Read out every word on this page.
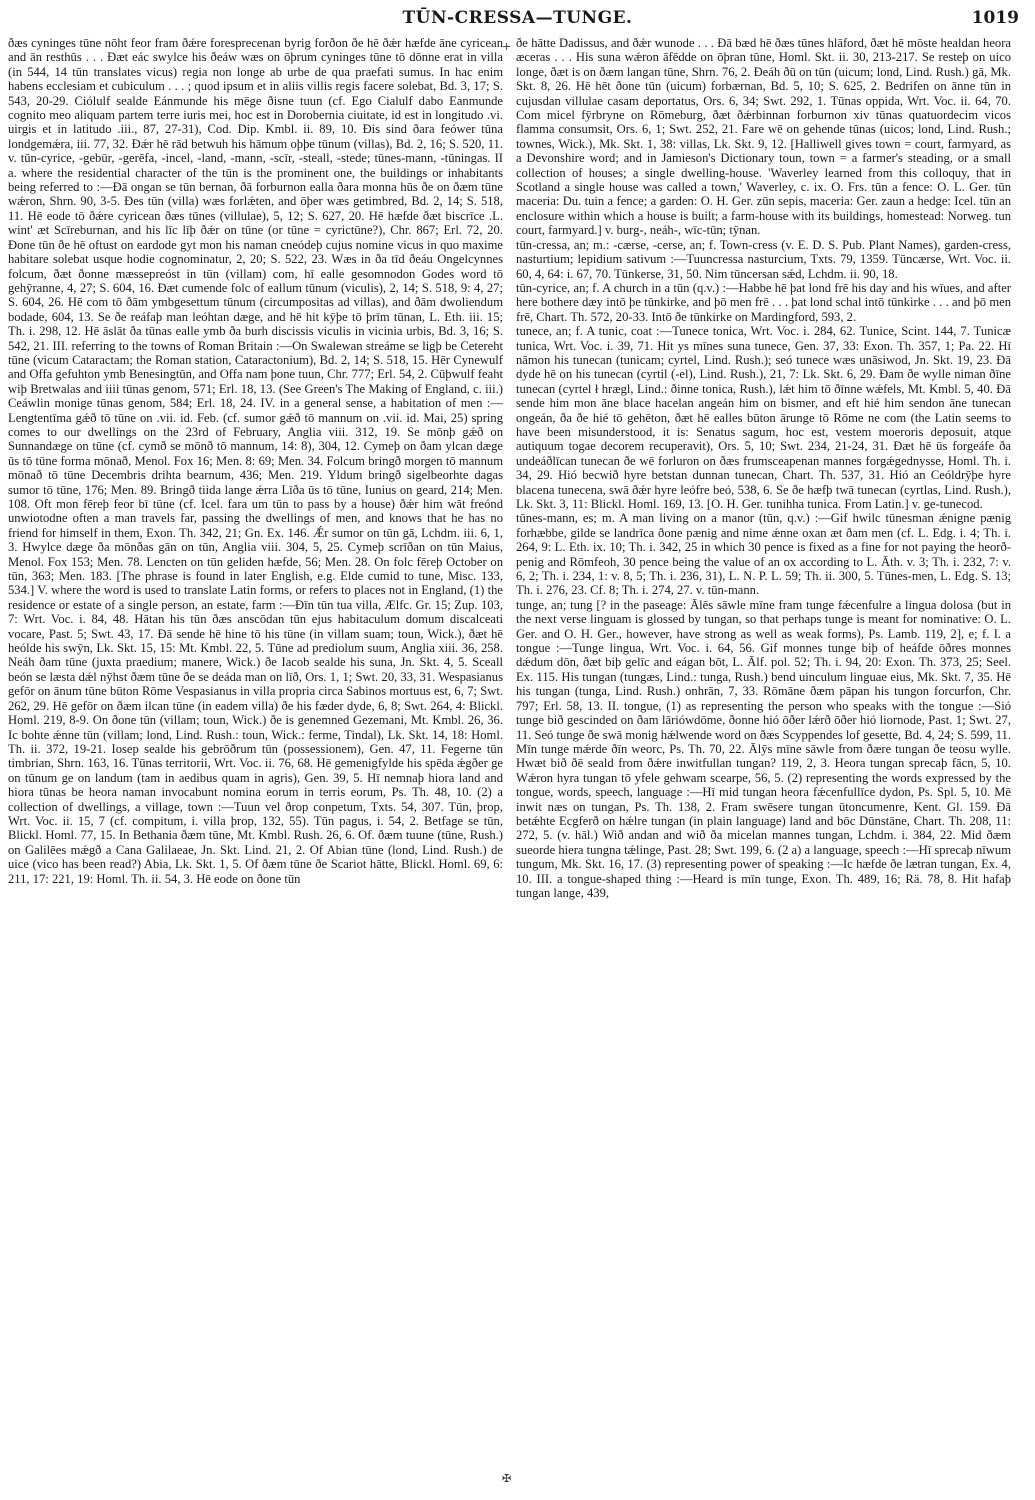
TŪN-CRESSA—TUNGE.	1019
+
✠

ðæs cyninges tūne nōht feor fram ðǽre foresprecenan byrig forðon ðe hē ðǽr hæfde āne cyricean and ān resthūs . . . Ðæt eác swylce his ðeáw wæs on ōþrum cyninges tūne tō dōnne erat in villa (in 544, 14 tūn translates vicus) regia non longe ab urbe de qua praefati sumus. In hac enim habens ecclesiam et cubiculum . . . ; quod ipsum et in aliis villis regis facere solebat, Bd. 3, 17; S. 543, 20-29. Ciólulf sealde Eánmunde his mēge ðisne tuun (cf. Ego Cialulf dabo Eanmunde cognito meo aliquam partem terre iuris mei, hoc est in Dorobernia ciuitate, id est in longitudo .vi. uirgis et in latitudo .iii., 87, 27-31), Cod. Dip. Kmbl. ii. 89, 10. Ðis sind ðara feówer tūna londgemǽra, iii. 77, 32. Ðǽr hē rād betwuh his hāmum oþþe tūnum (villas), Bd. 2, 16; S. 520, 11. v. tūn-cyrice, -gebūr, -gerēfa, -incel, -land, -mann, -scīr, -steall, -stede; tūnes-mann, -tūningas. II a. where the residential character of the tūn is the prominent one, the buildings or inhabitants being referred to :—Ðā ongan se tūn bernan, ðā forburnon ealla ðara monna hūs ðe on ðæm tūne wǽron, Shrn. 90, 3-5. Ðes tūn (villa) wæs forlǽten, and ōþer wæs getimbred, Bd. 2, 14; S. 518, 11. Hē eode tō ðǽre cyricean ðæs tūnes (villulae), 5, 12; S. 627, 20. Hē hæfde ðæt biscrīce .L. wint' æt Scīreburnan, and his līc līþ ðǽr on tūne (or tūne = cyrictūne?), Chr. 867; Erl. 72, 20. Ðone tūn ðe hē oftust on eardode gyt mon his naman cneódeþ cujus nomine vicus in quo maxime habitare solebat usque hodie cognominatur, 2, 20; S. 522, 23. Wæs in ða tīd ðeáu Ongelcynnes folcum, ðæt ðonne mæssepreóst in tūn (villam) com, hī ealle gesomnodon Godes word tō gehӯranne, 4, 27; S. 604, 16. Ðæt cumende folc of eallum tūnum (viculis), 2, 14; S. 518, 9: 4, 27; S. 604, 26. Hē com tō ðām ymbgesettum tūnum (circumpositas ad villas), and ðām dwoliendum bodade, 604, 13. Se ðe reáfaþ man leóhtan dæge, and hē hit kӯþe tō þrīm tūnan, L. Eth. iii. 15; Th. i. 298, 12. Hē āslāt ða tūnas ealle ymb ða burh discissis viculis in vicinia urbis, Bd. 3, 16; S. 542, 21. III. referring to the towns of Roman Britain :—On Swalewan streáme se ligþ be Cetereht tūne (vicum Cataractam; the Roman station, Cataractonium), Bd. 2, 14; S. 518, 15. Hēr Cynewulf and Offa gefuhton ymb Benesingtūn, and Offa nam þone tuun, Chr. 777; Erl. 54, 2. Cūþwulf feaht wiþ Bretwalas and iiii tūnas genom, 571; Erl. 18, 13. (See Green's The Making of England, c. iii.) Ceáwlin monige tūnas genom, 584; Erl. 18, 24. IV. in a general sense, a habitation of men :—Lengtentīma gǽð tō tūne on .vii. id. Feb. (cf. sumor gǽð tō mannum on .vii. id. Mai, 25) spring comes to our dwellings on the 23rd of February, Anglia viii. 312, 19. Se mōnþ gǽð on Sunnandæge on tūne (cf. cymð se mōnð tō mannum, 14: 8), 304, 12. Cymeþ on ðam ylcan dæge ūs tō tūne forma mōnað, Menol. Fox 16; Men. 8: 69; Men. 34. Folcum bringð morgen tō mannum mōnað tō tūne Decembris drihta bearnum, 436; Men. 219. Yldum bringð sigelbeorhte dagas sumor tō tūne, 176; Men. 89. Bringð tiida lange ǽrra Līða ūs tō tūne, Iunius on geard, 214; Men. 108. Oft mon fēreþ feor bī tūne (cf. Icel. fara um tūn to pass by a house) ðǽr him wāt freónd unwiotodne often a man travels far, passing the dwellings of men, and knows that he has no friend for himself in them, Exon. Th. 342, 21; Gn. Ex. 146. Ǽr sumor on tūn gā, Lchdm. iii. 6, 1, 3. Hwylce dæge ða mōnðas gān on tūn, Anglia viii. 304, 5, 25. Cymeþ scrīðan on tūn Maius, Menol. Fox 153; Men. 78. Lencten on tūn geliden hæfde, 56; Men. 28. On folc fēreþ October on tūn, 363; Men. 183. [The phrase is found in later English, e.g. Elde cumid to tune, Misc. 133, 534.] V. where the word is used to translate Latin forms, or refers to places not in England, (1) the residence or estate of a single person, an estate, farm :—Ðīn tūn tua villa, Ælfc. Gr. 15; Zup. 103, 7: Wrt. Voc. i. 84, 48. Hātan his tūn ðæs anscōdan tūn ejus habitaculum domum discalceati vocare, Past. 5; Swt. 43, 17. Ðā sende hē hine tō his tūne (in villam suam; toun, Wick.), ðæt hē heólde his swӯn, Lk. Skt. 15, 15: Mt. Kmbl. 22, 5. Tūne ad prediolum suum, Anglia xiii. 36, 258. Neáh ðam tūne (juxta praedium; manere, Wick.) ðe Iacob sealde his suna, Jn. Skt. 4, 5. Sceall beón se læsta dǽl nӯhst ðæm tūne ðe se deáda man on līð, Ors. 1, 1; Swt. 20, 33, 31. Wespasianus gefōr on ānum tūne būton Rōme Vespasianus in villa propria circa Sabinos mortuus est, 6, 7; Swt. 262, 29. Hē gefōr on ðæm ilcan tūne (in eadem villa) ðe his fæder dyde, 6, 8; Swt. 264, 4: Blickl. Homl. 219, 8-9. On ðone tūn (villam; toun, Wick.) ðe is genemned Gezemani, Mt. Kmbl. 26, 36. Ic bohte ǽnne tūn (villam; lond, Lind. Rush.: toun, Wick.: ferme, Tindal), Lk. Skt. 14, 18: Homl. Th. ii. 372, 19-21. Iosep sealde his gebrōðrum tūn (possessionem), Gen. 47, 11. Fegerne tūn timbrian, Shrn. 163, 16. Tūnas territorii, Wrt. Voc. ii. 76, 68. Hē gemenigfylde his spēda ǽgðer ge on tūnum ge on landum (tam in aedibus quam in agris), Gen. 39, 5. Hī nemnaþ hiora land and hiora tūnas be heora naman invocabunt nomina eorum in terris eorum, Ps. Th. 48, 10. (2) a collection of dwellings, a village, town :—Tuun vel ðrop conpetum, Txts. 54, 307. Tūn, þrop, Wrt. Voc. ii. 15, 7 (cf. compitum, i. villa þrop, 132, 55). Tūn pagus, i. 54, 2. Betfage se tūn, Blickl. Homl. 77, 15. In Bethania ðæm tūne, Mt. Kmbl. Rush. 26, 6. Of. ðæm tuune (tūne, Rush.) on Galilēes mǽgð a Cana Galilaeae, Jn. Skt. Lind. 21, 2. Of Abian tūne (lond, Lind. Rush.) de uice (vico has been read?) Abia, Lk. Skt. 1, 5. Of ðæm tūne ðe Scariot hātte, Blickl. Homl. 69, 6: 211, 17: 221, 19: Homl. Th. ii. 54, 3. Hē eode on ðone tūn

ðe hātte Dadissus, and ðǽr wunode . . . Ðā bæd hē ðæs tūnes hlāford, ðæt hē mōste healdan heora æceras . . . His suna wǽron āfēdde on ōþran tūne, Homl. Skt. ii. 30, 213-217. Se resteþ on uico longe, ðæt is on ðæm langan tūne, Shrn. 76, 2. Ðeáh ðū on tūn (uicum; lond, Lind. Rush.) gā, Mk. Skt. 8, 26. Hē hēt ðone tūn (uicum) forbærnan, Bd. 5, 10; S. 625, 2. Bedrifen on ānne tūn in cujusdan villulae casam deportatus, Ors. 6, 34; Swt. 292, 1. Tūnas oppida, Wrt. Voc. ii. 64, 70. Com micel fӯrbryne on Rōmeburg, ðæt ðǽrbinnan forburnon xiv tūnas quatuordecim vicos flamma consumsit, Ors. 6, 1; Swt. 252, 21. Fare wē on gehende tūnas (uicos; lond, Lind. Rush.; townes, Wick.), Mk. Skt. 1, 38: villas, Lk. Skt. 9, 12. [Halliwell gives town = court, farmyard, as a Devonshire word; and in Jamieson's Dictionary toun, town = a farmer's steading, or a small collection of houses; a single dwelling-house. 'Waverley learned from this colloquy, that in Scotland a single house was called a town,' Waverley, c. ix. O. Frs. tūn a fence: O. L. Ger. tūn maceria: Du. tuin a fence; a garden: O. H. Ger. zūn sepis, maceria: Ger. zaun a hedge: Icel. tūn an enclosure within which a house is built; a farm-house with its buildings, homestead: Norweg. tun court, farmyard.] v. burg-, neáh-, wīc-tūn; tӯnan.

tūn-cressa, an; m.: -cærse, -cerse, an; f. Town-cress (v. E. D. S. Pub. Plant Names), garden-cress, nasturtium; lepidium sativum :—Tuuncressa nasturcium, Txts. 79, 1359. Tūncærse, Wrt. Voc. ii. 60, 4, 64: i. 67, 70. Tūnkerse, 31, 50. Nim tūncersan sǽd, Lchdm. ii. 90, 18.

tūn-cyrice, an; f. A church in a tūn (q.v.) :—Habbe hē þat lond frē his day and his wīues, and after here bothere dӕy intō þe tūnkirke, and þō men frē . . . þat lond schal intō tūnkirke . . . and þō men frē, Chart. Th. 572, 20-33. Intō ðe tūnkirke on Mardingford, 593, 2.

tunece, an; f. A tunic, coat :—Tunece tonica, Wrt. Voc. i. 284, 62. Tunice, Scint. 144, 7. Tunicæ tunica, Wrt. Voc. i. 39, 71. Hit ys mīnes suna tunece, Gen. 37, 33: Exon. Th. 357, 1; Pa. 22. Hī nāmon his tunecan (tunicam; cyrtel, Lind. Rush.); seó tunece wæs unāsiwod, Jn. Skt. 19, 23. Ðā dyde hē on his tunecan (cyrtil (-el), Lind. Rush.), 21, 7: Lk. Skt. 6, 29. Ðam ðe wylle niman ðīne tunecan (cyrtel ł hrægl, Lind.: ðinne tonica, Rush.), lǽt him tō ðīnne wǽfels, Mt. Kmbl. 5, 40. Ðā sende him mon āne blace hacelan angeán him on bismer, and eft hié him sendon āne tunecan ongeán, ða ðe hié tō gehēton, ðæt hē ealles būton ārunge tō Rōme ne com (the Latin seems to have been misunderstood, it is: Senatus sagum, hoc est, vestem moeroris deposuit, atque autiquum togae decorem recuperavit), Ors. 5, 10; Swt. 234, 21-24, 31. Ðæt hē ūs forgeáfe ða undeáðlīcan tunecan ðe wē forluron on ðæs frumsceapenan mannes forgǽgednysse, Homl. Th. i. 34, 29. Hió becwið hyre betstan dunnan tunecan, Chart. Th. 537, 31. Hió an Ceóldrӯþe hyre blacena tunecena, swā ðǽr hyre leófre beó, 538, 6. Se ðe hæfþ twā tunecan (cyrtlas, Lind. Rush.), Lk. Skt. 3, 11: Blickl. Homl. 169, 13. [O. H. Ger. tunihha tunica. From Latin.] v. ge-tunecod.

tūnes-mann, es; m. A man living on a manor (tūn, q.v.) :—Gif hwilc tūnesman ǽnigne pænig forhæbbe, gilde se landrīca ðone pænig and nime ǽnne oxan æt ðam men (cf. L. Edg. i. 4; Th. i. 264, 9: L. Eth. ix. 10; Th. i. 342, 25 in which 30 pence is fixed as a fine for not paying the heorð-penig and Rōmfeoh, 30 pence being the value of an ox according to L. Āth. v. 3; Th. i. 232, 7: v. 6, 2; Th. i. 234, 1: v. 8, 5; Th. i. 236, 31), L. N. P. L. 59; Th. ii. 300, 5. Tūnes-men, L. Edg. S. 13; Th. i. 276, 23. Cf. 8; Th. i. 274, 27. v. tūn-mann.

tunge, an; tung [? in the paseage: Ālēs sāwle mīne fram tunge fǽcenfulre a lingua dolosa (but in the next verse linguam is glossed by tungan, so that perhaps tunge is meant for nominative: O. L. Ger. and O. H. Ger., however, have strong as well as weak forms), Ps. Lamb. 119, 2], e; f. I. a tongue :—Tunge lingua, Wrt. Voc. i. 64, 56. Gif monnes tunge biþ of heáfde ōðres monnes dǽdum dōn, ðæt biþ gelīc and eágan bōt, L. Ālf. pol. 52; Th. i. 94, 20: Exon. Th. 373, 25; Seel. Ex. 115. His tungan (tungæs, Lind.: tunga, Rush.) bend uinculum linguae eius, Mk. Skt. 7, 35. Hē his tungan (tunga, Lind. Rush.) onhrān, 7, 33. Rōmāne ðæm pāpan his tungon forcurfon, Chr. 797; Erl. 58, 13. II. tongue, (1) as representing the person who speaks with the tongue :—Sió tunge bið gescinded on ðam lāriówdōme, ðonne hió ōðer lǽrð ōðer hió liornode, Past. 1; Swt. 27, 11. Seó tunge ðe swā monig hǽlwende word on ðæs Scyppendes lof gesette, Bd. 4, 24; S. 599, 11. Mīn tunge mǽrde ðīn weorc, Ps. Th. 70, 22. Ālӯs mīne sāwle from ðære tungan ðe teosu wylle. Hwæt bið ðē seald from ðǽre inwitfullan tungan? 119, 2, 3. Heora tungan sprecaþ fācn, 5, 10. Wǽron hyra tungan tō yfele gehwam scearpe, 56, 5. (2) representing the words expressed by the tongue, words, speech, language :—Hī mid tungan heora fǽcenfullīce dydon, Ps. Spl. 5, 10. Mē inwit næs on tungan, Ps. Th. 138, 2. Fram swēsere tungan ūtoncumenre, Kent. Gl. 159. Ðā betǽhte Ecgferð on hǽlre tungan (in plain language) land and bōc Dūnstāne, Chart. Th. 208, 11: 272, 5. (v. hāl.) Wið andan and wið ða micelan mannes tungan, Lchdm. i. 384, 22. Mid ðæm sueorde hiera tungna tǽlinge, Past. 28; Swt. 199, 6. (2 a) a language, speech :—Hī sprecaþ nīwum tungum, Mk. Skt. 16, 17. (3) representing power of speaking :—Ic hæfde ðe lætran tungan, Ex. 4, 10. III. a tongue-shaped thing :—Heard is mīn tunge, Exon. Th. 489, 16; Rä. 78, 8. Hit hafaþ tungan lange, 439,
